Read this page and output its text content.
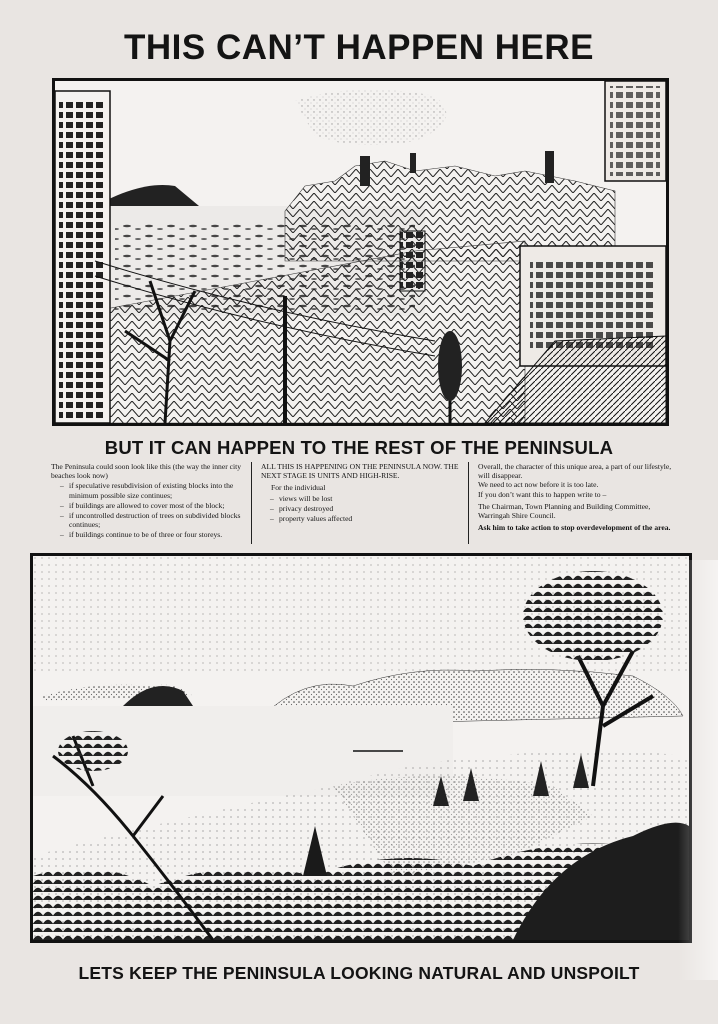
THIS CAN’T HAPPEN HERE
BUT IT CAN HAPPEN TO THE REST OF THE PENINSULA

The Peninsula could soon look like this (the way the inner city beaches look now)

– if speculative resubdivision of existing blocks into the minimum possible size continues;
– if buildings are allowed to cover most of the block;
– if uncontrolled destruction of trees on subdivided blocks continues;
– if buildings continue to be of three or four storeys.

ALL THIS IS HAPPENING ON THE PENINSULA NOW. THE NEXT STAGE IS UNITS AND HIGH-RISE.

For the individual

– views will be lost
– privacy destroyed
– property values affected

Overall, the character of this unique area, a part of our lifestyle, will disappear.

We need to act now before it is too late.

If you don’t want this to happen write to –

The Chairman, Town Planning and Building Committee, Warringah Shire Council.

Ask him to take action to stop overdevelopment of the area.

LETS KEEP THE PENINSULA LOOKING NATURAL AND UNSPOILT
